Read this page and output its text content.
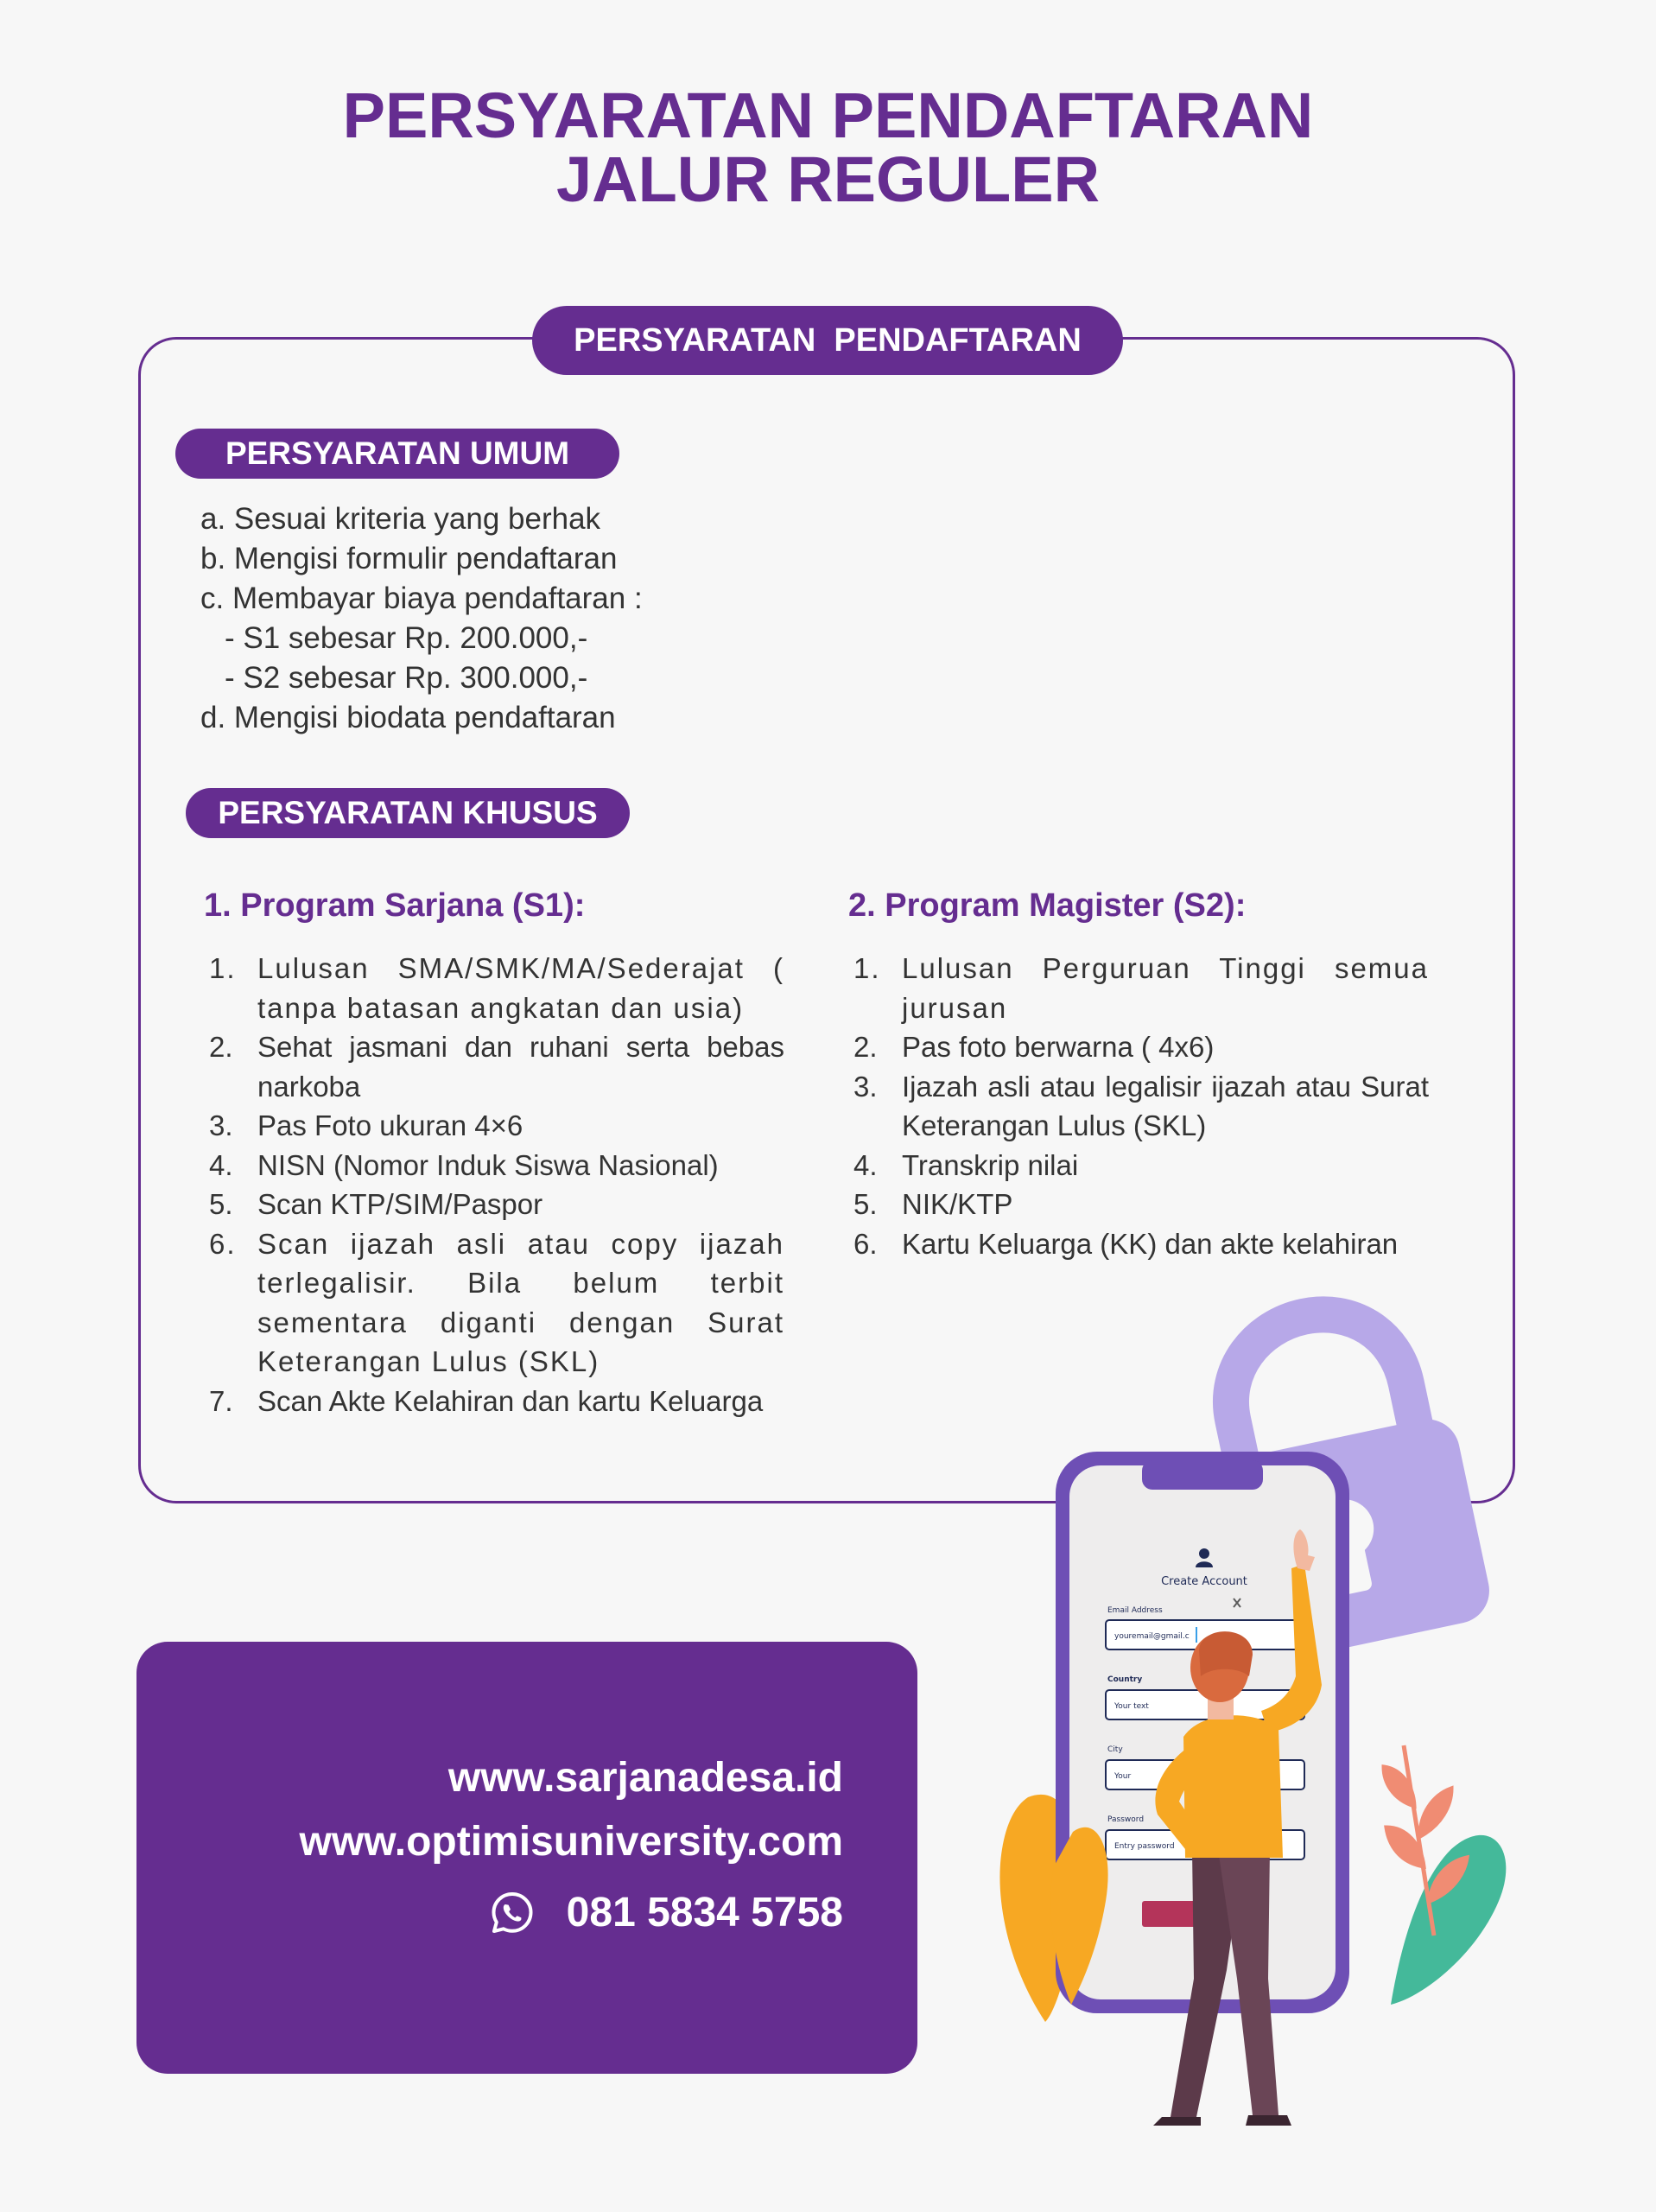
PERSYARATAN PENDAFTARAN
JALUR REGULER
PERSYARATAN  PENDAFTARAN
PERSYARATAN UMUM
a. Sesuai kriteria yang berhak
b. Mengisi formulir pendaftaran
c. Membayar biaya pendaftaran :
- S1 sebesar Rp. 200.000,-
- S2 sebesar Rp. 300.000,-
d. Mengisi biodata pendaftaran
PERSYARATAN KHUSUS
1. Program Sarjana (S1):
1. Lulusan SMA/SMK/MA/Sederajat ( tanpa batasan angkatan dan usia)
2. Sehat jasmani dan ruhani serta bebas narkoba
3. Pas Foto ukuran 4×6
4. NISN (Nomor Induk Siswa Nasional)
5. Scan KTP/SIM/Paspor
6. Scan ijazah asli atau copy ijazah terlegalisir. Bila belum terbit sementara diganti dengan Surat Keterangan Lulus (SKL)
7. Scan Akte Kelahiran dan kartu Keluarga
2. Program Magister (S2):
1. Lulusan Perguruan Tinggi semua jurusan
2. Pas foto berwarna ( 4x6)
3. Ijazah asli atau legalisir ijazah atau Surat Keterangan Lulus (SKL)
4. Transkrip nilai
5. NIK/KTP
6. Kartu Keluarga (KK) dan akte kelahiran
www.sarjanadesa.id
www.optimisuniversity.com
081 5834 5758
Create Account
Email Address
youremail@gmail.c
Country
Your text
City
Your
Password
Entry password
